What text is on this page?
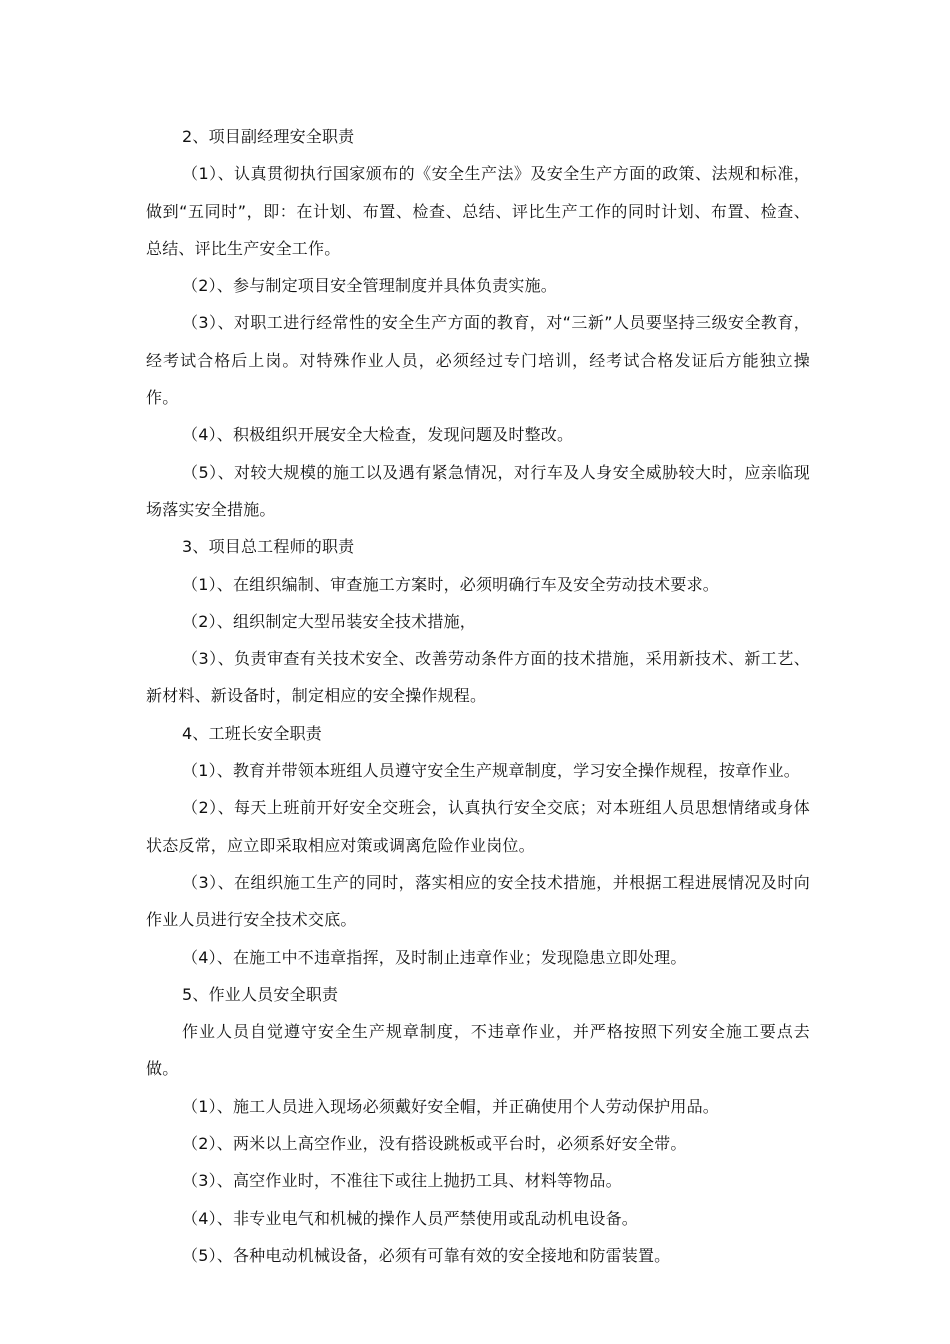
2、项目副经理安全职责

（1）、认真贯彻执行国家颁布的《安全生产法》及安全生产方面的政策、法规和标准，做到“五同时”，即：在计划、布置、检查、总结、评比生产工作的同时计划、布置、检查、总结、评比生产安全工作。

（2）、参与制定项目安全管理制度并具体负责实施。

（3）、对职工进行经常性的安全生产方面的教育，对“三新”人员要坚持三级安全教育，经考试合格后上岗。对特殊作业人员，必须经过专门培训，经考试合格发证后方能独立操作。

（4）、积极组织开展安全大检查，发现问题及时整改。

（5）、对较大规模的施工以及遇有紧急情况，对行车及人身安全威胁较大时，应亲临现场落实安全措施。

3、项目总工程师的职责

（1）、在组织编制、审查施工方案时，必须明确行车及安全劳动技术要求。

（2）、组织制定大型吊装安全技术措施，

（3）、负责审查有关技术安全、改善劳动条件方面的技术措施，采用新技术、新工艺、新材料、新设备时，制定相应的安全操作规程。

4、工班长安全职责

（1）、教育并带领本班组人员遵守安全生产规章制度，学习安全操作规程，按章作业。

（2）、每天上班前开好安全交班会，认真执行安全交底；对本班组人员思想情绪或身体状态反常，应立即采取相应对策或调离危险作业岗位。

（3）、在组织施工生产的同时，落实相应的安全技术措施，并根据工程进展情况及时向作业人员进行安全技术交底。

（4）、在施工中不违章指挥，及时制止违章作业；发现隐患立即处理。

5、作业人员安全职责

作业人员自觉遵守安全生产规章制度，不违章作业，并严格按照下列安全施工要点去做。

（1）、施工人员进入现场必须戴好安全帽，并正确使用个人劳动保护用品。

（2）、两米以上高空作业，没有搭设跳板或平台时，必须系好安全带。

（3）、高空作业时，不准往下或往上抛扔工具、材料等物品。

（4）、非专业电气和机械的操作人员严禁使用或乱动机电设备。

（5）、各种电动机械设备，必须有可靠有效的安全接地和防雷装置。
